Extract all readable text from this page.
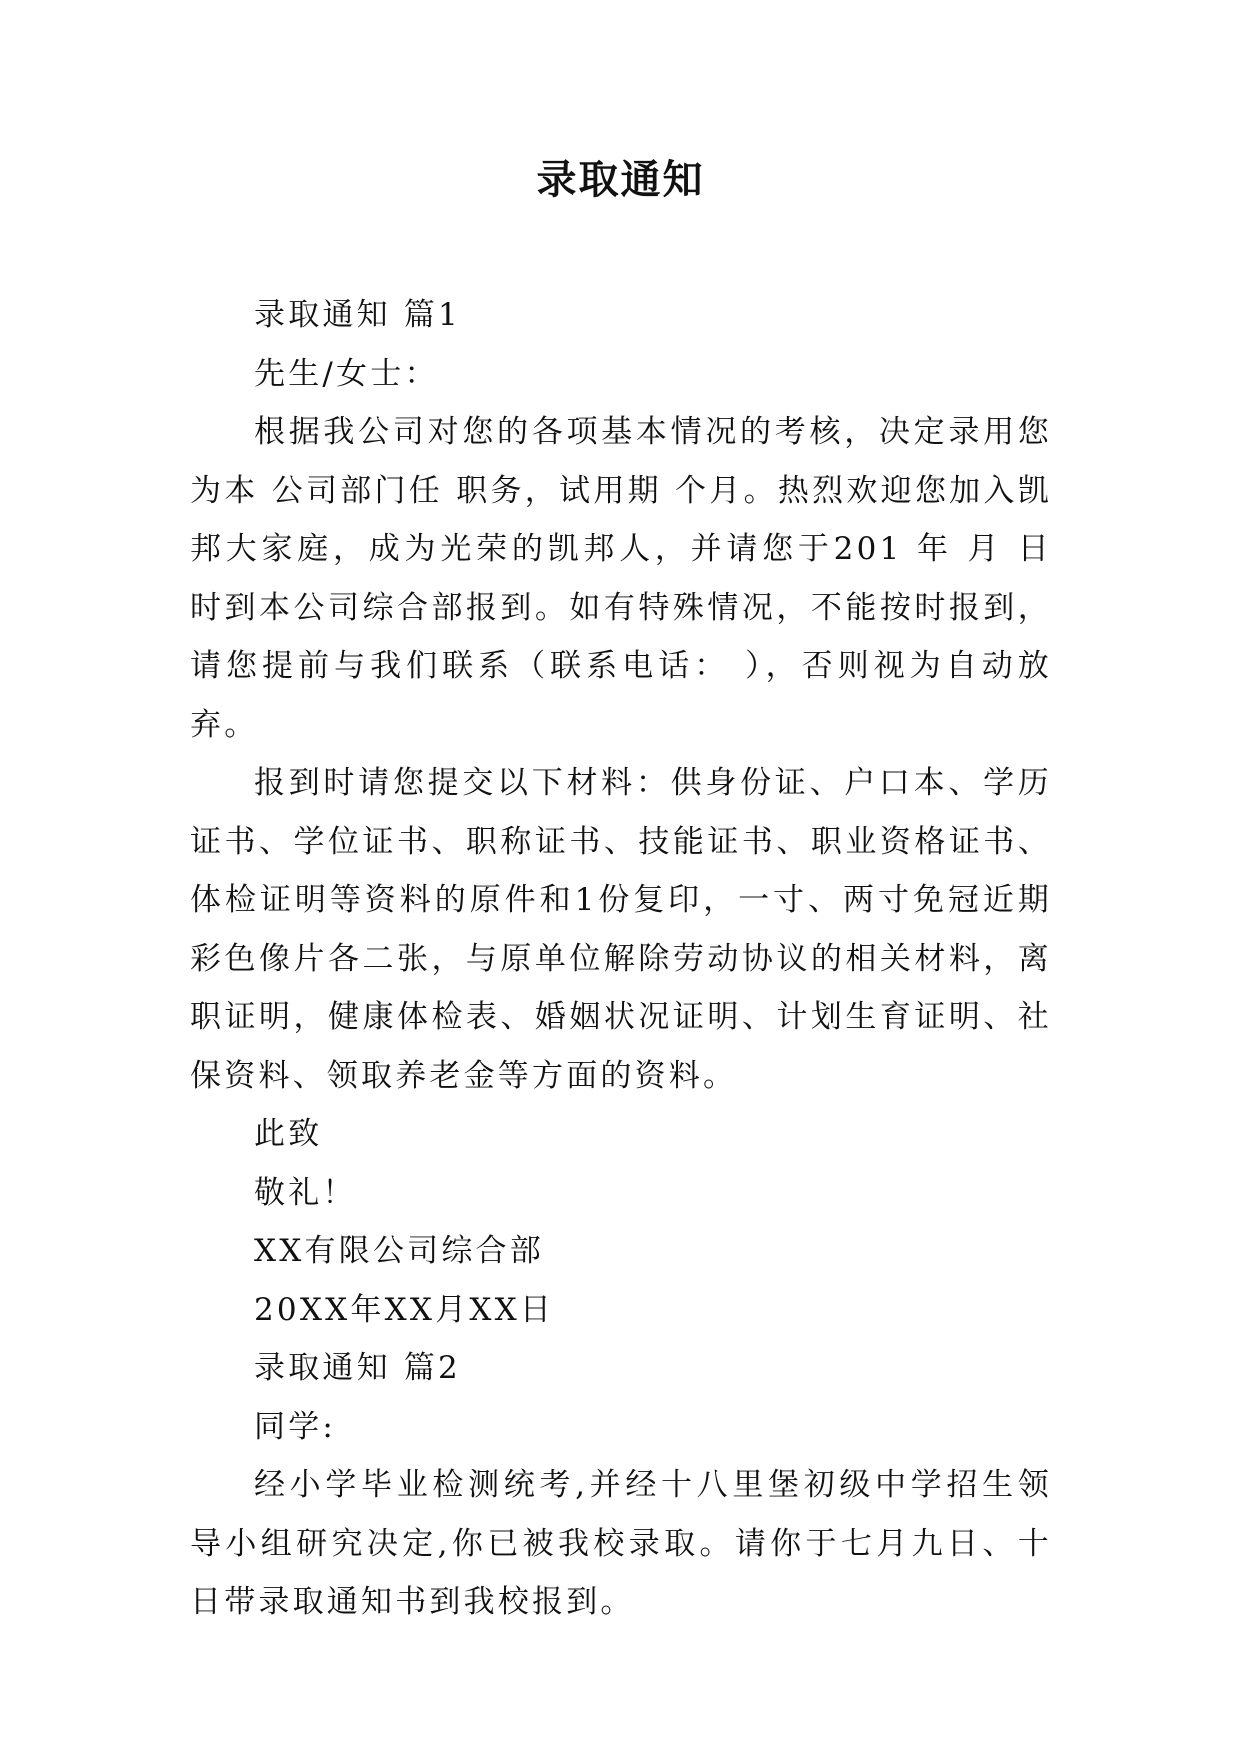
录取通知

录取通知 篇1

先生/女士：

根据我公司对您的各项基本情况的考核，决定录用您为本 公司部门任 职务，试用期 个月。热烈欢迎您加入凯邦大家庭，成为光荣的凯邦人，并请您于201 年 月 日 时到本公司综合部报到。如有特殊情况，不能按时报到，请您提前与我们联系（联系电话： ），否则视为自动放弃。

报到时请您提交以下材料：供身份证、户口本、学历证书、学位证书、职称证书、技能证书、职业资格证书、体检证明等资料的原件和1份复印，一寸、两寸免冠近期彩色像片各二张，与原单位解除劳动协议的相关材料，离职证明，健康体检表、婚姻状况证明、计划生育证明、社保资料、领取养老金等方面的资料。

此致

敬礼！

XX有限公司综合部

20XX年XX月XX日

录取通知 篇2

同学:

经小学毕业检测统考,并经十八里堡初级中学招生领导小组研究决定,你已被我校录取。请你于七月九日、十日带录取通知书到我校报到。
